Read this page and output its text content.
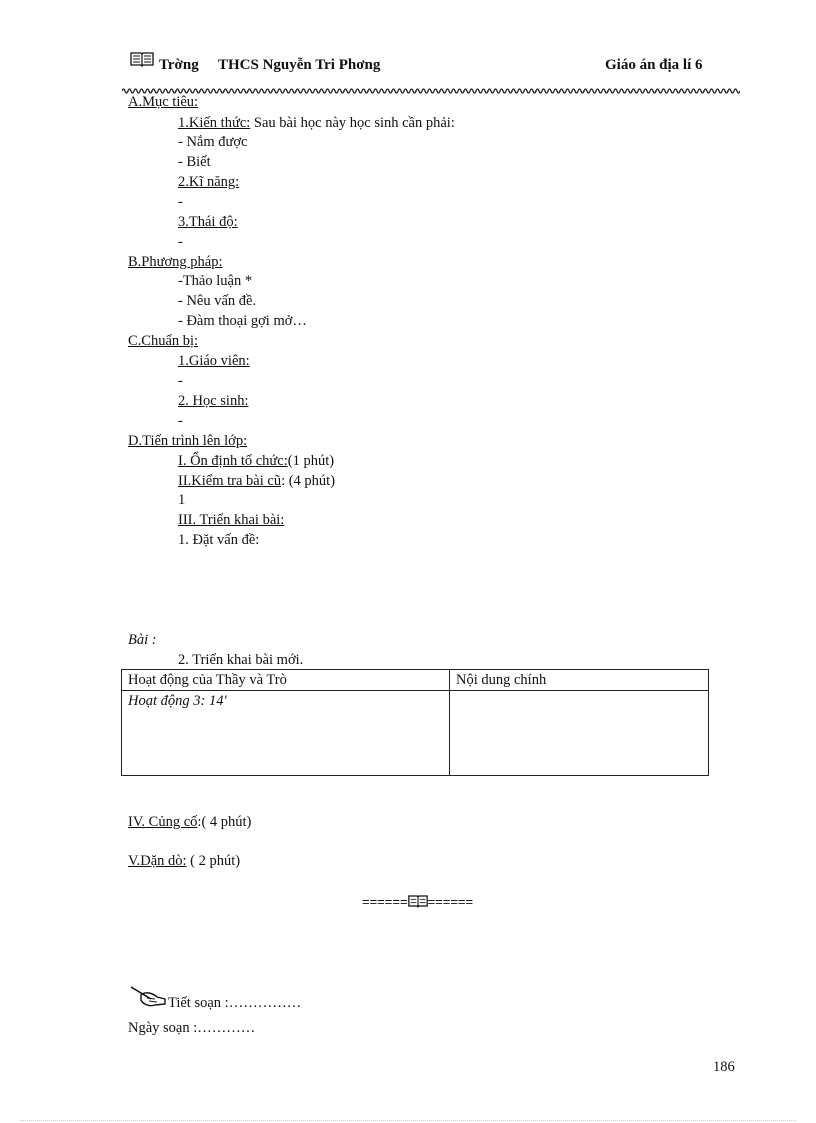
Trờng THCS Nguyễn Tri Phơng	Giáo án địa lí 6
A.Mục tiêu:
1.Kiến thức: Sau bài học này học sinh cần phải:
- Nắm được
- Biết
2.Kĩ năng:
-
3.Thái độ:
-
B.Phương pháp:
-Thảo luận *
- Nêu vấn đề.
- Đàm thoại gợi mở…
C.Chuẩn bị:
1.Giáo viên:
-
2. Học sinh:
-
D.Tiến trình lên lớp:
I. Ổn định tổ chức:(1 phút)
II.Kiểm tra bài cũ: (4 phút)
1
III. Triển khai bài:
1. Đặt vấn đề:
Bài :
2. Triển khai bài mới.
Hoạt động của Thầy và Trò	Nội dung chính
Hoạt động 3: 14'	
IV. Củng cố:( 4 phút)
V.Dặn dò: ( 2 phút)
====== ======
Tiết soạn :……………
Ngày soạn :…………
186
